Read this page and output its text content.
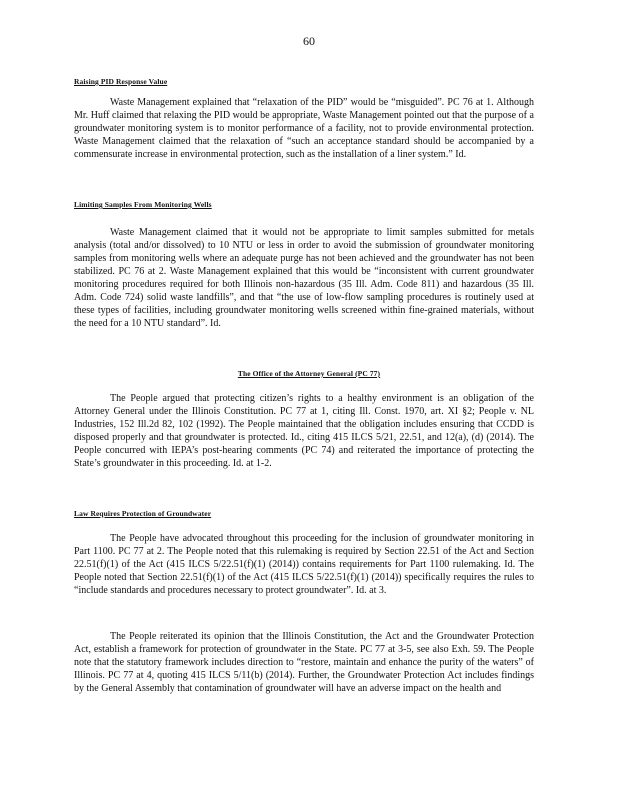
60
Raising PID Response Value

Waste Management explained that “relaxation of the PID” would be “misguided”. PC 76 at 1. Although Mr. Huff claimed that relaxing the PID would be appropriate, Waste Management pointed out that the purpose of a groundwater monitoring system is to monitor performance of a facility, not to provide environmental protection. Waste Management claimed that the relaxation of “such an acceptance standard should be accompanied by a commensurate increase in environmental protection, such as the installation of a liner system.” Id.

Limiting Samples From Monitoring Wells

Waste Management claimed that it would not be appropriate to limit samples submitted for metals analysis (total and/or dissolved) to 10 NTU or less in order to avoid the submission of groundwater monitoring samples from monitoring wells where an adequate purge has not been achieved and the groundwater has not been stabilized. PC 76 at 2. Waste Management explained that this would be “inconsistent with current groundwater monitoring procedures required for both Illinois non-hazardous (35 Ill. Adm. Code 811) and hazardous (35 Ill. Adm. Code 724) solid waste landfills”, and that “the use of low-flow sampling procedures is routinely used at these types of facilities, including groundwater monitoring wells screened within fine-grained materials, without the need for a 10 NTU standard”. Id.

The Office of the Attorney General (PC 77)

The People argued that protecting citizen’s rights to a healthy environment is an obligation of the Attorney General under the Illinois Constitution. PC 77 at 1, citing Ill. Const. 1970, art. XI §2; People v. NL Industries, 152 Ill.2d 82, 102 (1992). The People maintained that the obligation includes ensuring that CCDD is disposed properly and that groundwater is protected. Id., citing 415 ILCS 5/21, 22.51, and 12(a), (d) (2014). The People concurred with IEPA’s post-hearing comments (PC 74) and reiterated the importance of protecting the State’s groundwater in this proceeding. Id. at 1-2.

Law Requires Protection of Groundwater

The People have advocated throughout this proceeding for the inclusion of groundwater monitoring in Part 1100. PC 77 at 2. The People noted that this rulemaking is required by Section 22.51 of the Act and Section 22.51(f)(1) of the Act (415 ILCS 5/22.51(f)(1) (2014)) contains requirements for Part 1100 rulemaking. Id. The People noted that Section 22.51(f)(1) of the Act (415 ILCS 5/22.51(f)(1) (2014)) specifically requires the rules to “include standards and procedures necessary to protect groundwater”. Id. at 3.

The People reiterated its opinion that the Illinois Constitution, the Act and the Groundwater Protection Act, establish a framework for protection of groundwater in the State. PC 77 at 3-5, see also Exh. 59. The People note that the statutory framework includes direction to “restore, maintain and enhance the purity of the waters” of Illinois. PC 77 at 4, quoting 415 ILCS 5/11(b) (2014). Further, the Groundwater Protection Act includes findings by the General Assembly that contamination of groundwater will have an adverse impact on the health and
